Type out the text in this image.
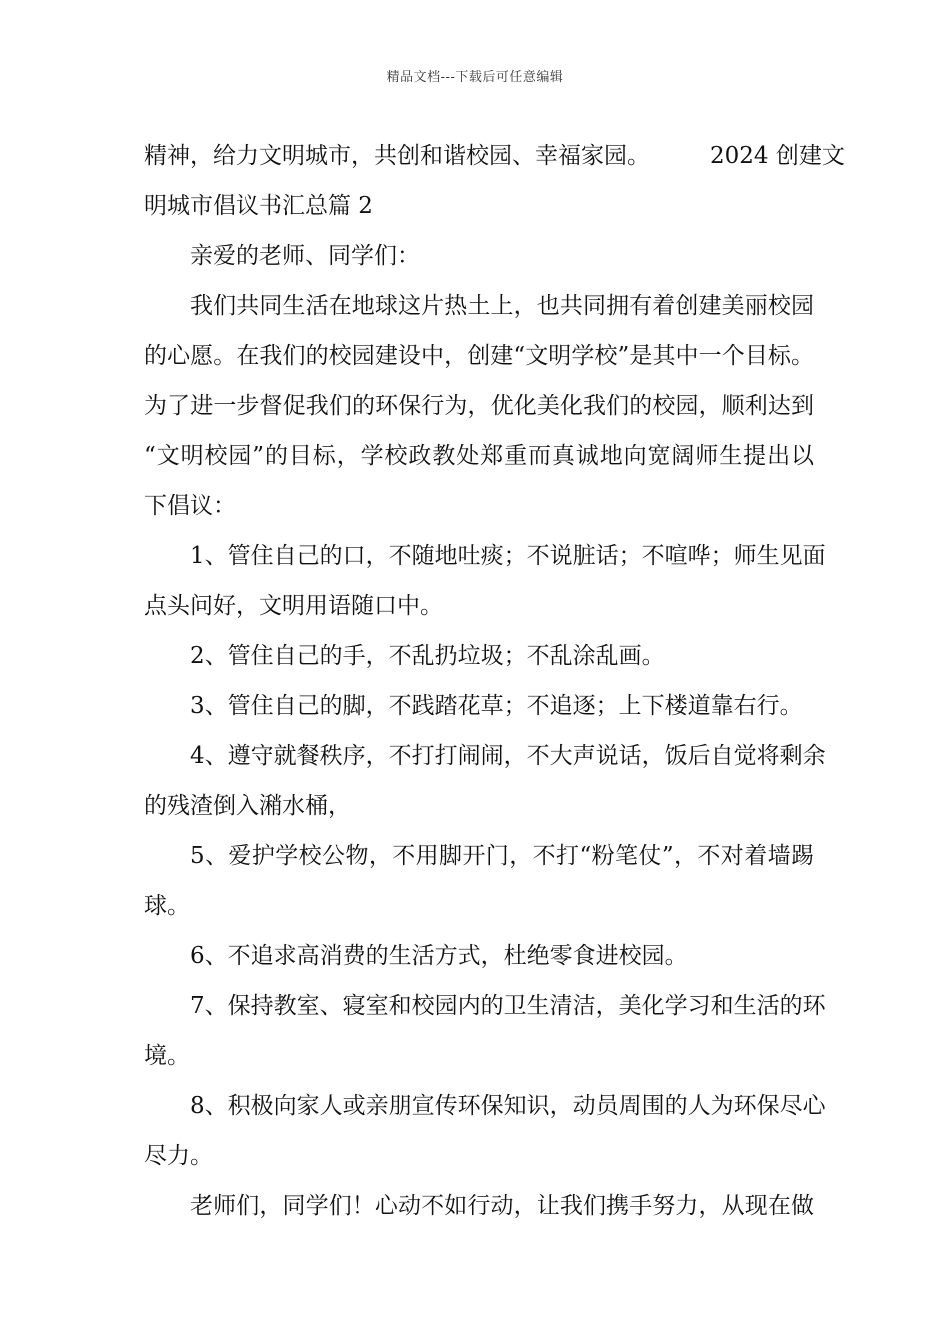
精品文档---下载后可任意编辑
精神，给力文明城市，共创和谐校园、幸福家园。	2024 创建文
明城市倡议书汇总篇 2
亲爱的老师、同学们：
我们共同生活在地球这片热土上，也共同拥有着创建美丽校园
的心愿。在我们的校园建设中，创建“文明学校”是其中一个目标。
为了进一步督促我们的环保行为，优化美化我们的校园，顺利达到
“文明校园”的目标，学校政教处郑重而真诚地向宽阔师生提出以
下倡议：
1、管住自己的口，不随地吐痰；不说脏话；不喧哗；师生见面
点头问好，文明用语随口中。
2、管住自己的手，不乱扔垃圾；不乱涂乱画。
3、管住自己的脚，不践踏花草；不追逐；上下楼道靠右行。
4、遵守就餐秩序，不打打闹闹，不大声说话，饭后自觉将剩余
的残渣倒入潲水桶，
5、爱护学校公物，不用脚开门，不打“粉笔仗”，不对着墙踢
球。
6、不追求高消费的生活方式，杜绝零食进校园。
7、保持教室、寝室和校园内的卫生清洁，美化学习和生活的环
境。
8、积极向家人或亲朋宣传环保知识，动员周围的人为环保尽心
尽力。
老师们，同学们！心动不如行动，让我们携手努力，从现在做
